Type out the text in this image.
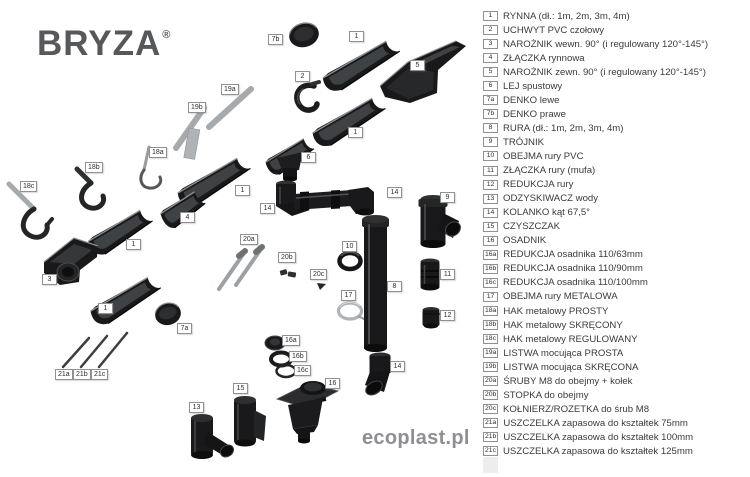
BRYZA®	7b	1
5
2
19a
19b
1
18a
6
18b
18c
1	14
9
14
4
20a
1	10
20b
20c	11
3
8
17
1
12
7a
16a
16b
14
16c
21a 21b 21c
16
15
13
1	RYNNA (dł.: 1m, 2m, 3m, 4m)
2	UCHWYT PVC czołowy
3	NAROŻNIK wewn. 90° (i regulowany 120°-145°)
4	ZŁĄCZKA rynnowa
5	NAROŻNIK zewn. 90° (i regulowany 120°-145°)
6	LEJ spustowy
7a DENKO lewe
7b DENKO prawe
8	RURA (dł.: 1m, 2m, 3m, 4m)
9	TRÓJNIK
10 OBEJMA rury PVC
11 ZŁĄCZKA rury (mufa)
12 REDUKCJA rury
13 ODZYSKIWACZ wody
14 KOLANKO kąt 67,5°
15 CZYSZCZAK
16 OSADNIK
16a REDUKCJA osadnika 110/63mm
16b REDUKCJA osadnika 110/90mm
16c REDUKCJA osadnika 110/100mm
17 OBEJMA rury METALOWA
18a HAK metalowy PROSTY
18b HAK metalowy SKRĘCONY
18c HAK metalowy REGULOWANY
19a LISTWA mocująca PROSTA
19b LISTWA mocująca SKRĘCONA
20a ŚRUBY M8 do obejmy + kołek
20b STOPKA do obejmy
20c KOŁNIERZ/ROZETKA do śrub M8
21a USZCZELKA zapasowa do kształtek 75mm
21b USZCZELKA zapasowa do kształtek 100mm
21c USZCZELKA zapasowa do kształtek 125mm
ecoplast.pl
